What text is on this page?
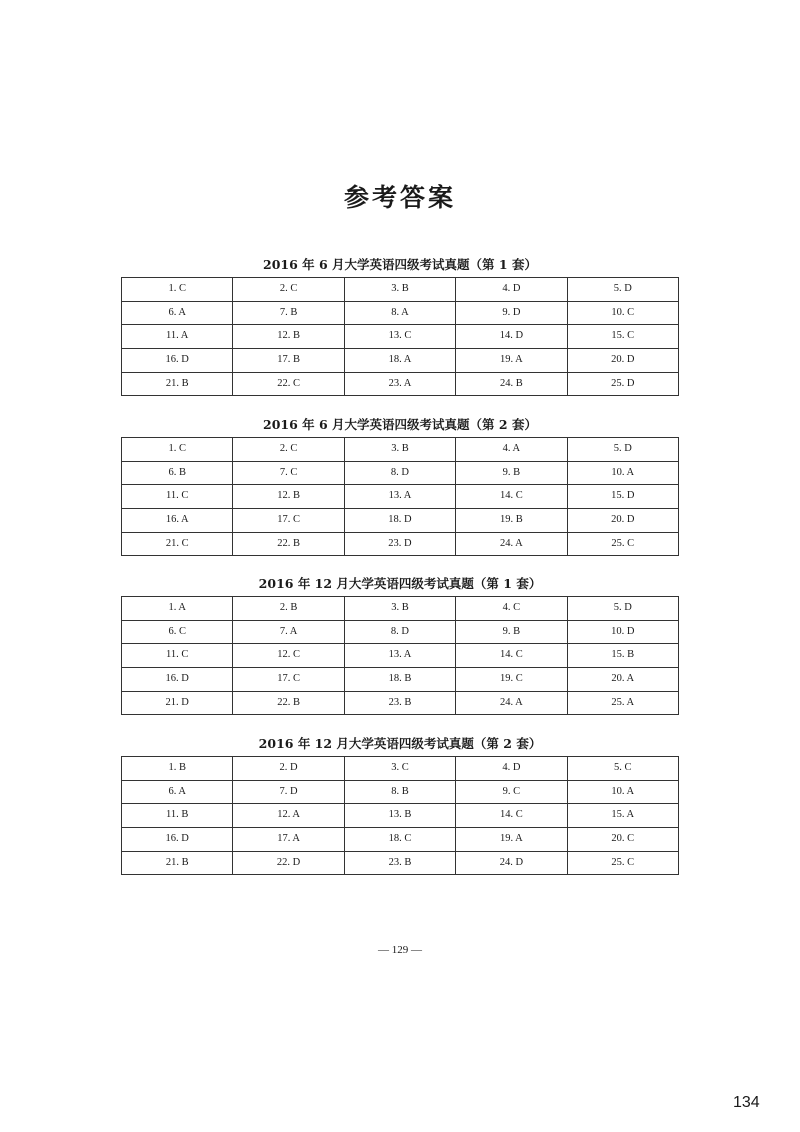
参考答案
2016 年 6 月大学英语四级考试真题（第 1 套）
1. C	2. C	3. B	4. D	5. D
6. A	7. B	8. A	9. D	10. C
11. A	12. B	13. C	14. D	15. C
16. D	17. B	18. A	19. A	20. D
21. B	22. C	23. A	24. B	25. D
2016 年 6 月大学英语四级考试真题（第 2 套）
1. C	2. C	3. B	4. A	5. D
6. B	7. C	8. D	9. B	10. A
11. C	12. B	13. A	14. C	15. D
16. A	17. C	18. D	19. B	20. D
21. C	22. B	23. D	24. A	25. C
2016 年 12 月大学英语四级考试真题（第 1 套）
1. A	2. B	3. B	4. C	5. D
6. C	7. A	8. D	9. B	10. D
11. C	12. C	13. A	14. C	15. B
16. D	17. C	18. B	19. C	20. A
21. D	22. B	23. B	24. A	25. A
2016 年 12 月大学英语四级考试真题（第 2 套）
1. B	2. D	3. C	4. D	5. C
6. A	7. D	8. B	9. C	10. A
11. B	12. A	13. B	14. C	15. A
16. D	17. A	18. C	19. A	20. C
21. B	22. D	23. B	24. D	25. C
— 129 —
134
